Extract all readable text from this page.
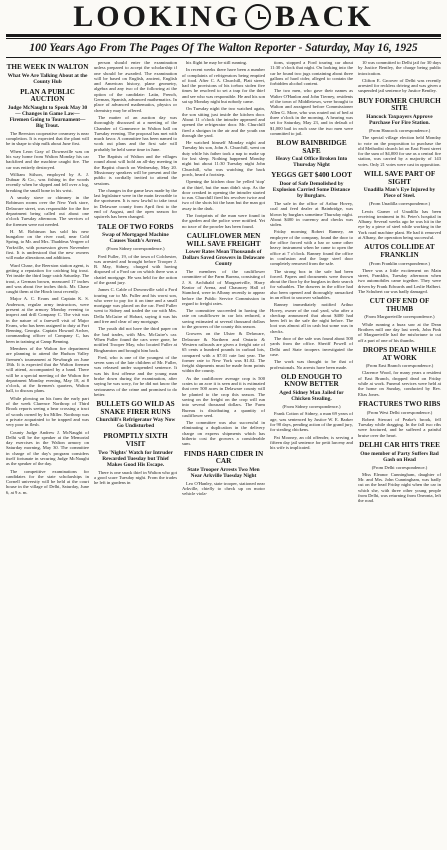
LOOKING BACK
100 Years Ago From The Pages Of The Walton Reporter - Saturday, May 16, 1925
THE WEEK IN WALTON
What We Are Talking About at the County Hub
PLAN A PUBLIC AUCTION
Judge McNaught to Speak May 30 — Changes in Game Law—Firemen Going to Tournament—Big Trout.

The Beerston cooperative creamery is near completion. It is expected that the plant will be in shape to ship milk about June first.

When Leon Gray of Downsville was on his way home from Walton Monday his car backfired and the machine caught fire. The car was entirely destroyed.

William Stilson, employed by A. J. Dubuar & Co., was fishing in the woods recently when he slipped and fell over a log, breaking the small bone in his wrist.

A smoky stove or chimney in the Robinson rooms over the New York store, Delaware street, was responsible for the fire department being called out about one o'clock Tuesday afternoon. The services of the firemen were not needed.

H. M. Robinson has sold his new bungalow on the river road, near Cold Spring, to Mr. and Mrs. Thaddeus Vergeer of Yorkville, with possession given November first. It is understood that the new owners will make alterations and additions.

Ward Chase, the Beerston station agent, is getting a reputation for catching big trout. Yet inside the third large catch Saturday. The trout, a German brown, measured 17 inches and was about five inches thick. Mr. Chase caught them at the Hinch trout recently.

Major A. C. Evans and Captain K. S. Anderson, regular army instructors, were present at the armory Monday evening to inspect and drill Company C. The visit was in the nature of a farewell visit of Major Evans, who has been assigned to duty at Fort Benning, Georgia. Captain Howard Archer, commanding officer of Company C, has been in training at Camp Benning.

Members of the Walton fire department are planning to attend the Hudson Valley firemen's tournament at Newburgh on June 18th. It is expected that the Walton firemen will attend, accompanied by a band. There will be a special meeting of the Walton fire department Monday evening, May 18, at 8 o'clock, at the firemen's quarters, Walton hall, to discuss plans.

While plowing on his farm the early part of the week Clarence Northrop of Third Brook reports seeing a bear crossing a tract of woods owned by Ira Miller. Northrop was a private acquainted to be trapped and was very poor in flesh.

County Judge Andrew J. McNaught of Delhi will be the speaker at the Memorial day exercises in the Walton armory on Saturday morning, May 30. The committee in charge of the day's program considers itself fortunate in securing Judge McNaught as the speaker of the day.

The competitive examinations for candidates for the state scholarships in Cornell university will be held at the court house in the village of Delhi, Saturday, June 6, at 9 a. m.

person should enter the examination unless prepared to accept the scholarship if one should be awarded. The examination will be based on English, ancient, English and American history, plane geometry, algebra and any two of the following at the option of the candidate: Latin, French, German, Spanish, advanced mathematics. In place of advanced mathematics, physics or chemistry may be offered.

The matter of an auction day was thoroughly discussed at a meeting of the Chamber of Commerce in Walton hall on Tuesday evening. The proposal has met with much favor. A committee has been named to work out plans and the first sale will probably be held some time in June.

The Baptists of Walton and the villages round about will hold an all-day meeting in the Baptist church on Wednesday, May 20. Missionary speakers will be present and the public is cordially invited to attend the sessions.

The changes in the game laws made by the last legislature were in the main favorable to the sportsmen. It is now lawful to take trout in Delaware county from April first to the end of August, and the open season for squirrels has been changed.

TALE OF TWO FORDS
Swap of Mortgaged Machine Causes Youth's Arrest.
(From Sidney correspondence.)

Fred Fuller, 19, of the town of Colchester, was arrested and brought before Trooper J. B. May, Sidney, charged with having disposed of a Ford car on which there was a chattel mortgage. He was held for the action of the grand jury.

James C. Cable of Downsville sold a Ford touring car to Mr. Fuller and his worst son, who were to pay for it on time and a small mortgage was placed on the car. Fred Fuller went to Sidney and traded the car with Mrs. Della McGuire of Hobart, saying it was his and free and clear of any mortgage.

The youth did not have the third paper on the bad trades, with Mrs. McGuire's car. When Fuller found the cars were gone, he notified Trooper May, who located Fuller at Binghamton and brought him back.

Fred, who is one of the youngest of the seven sons of the late children of Mr. Fuller, was released under suspended sentence. It was his first offense and the young man broke down during the examination, after saying he was sorry, for he did not know the seriousness of the crime and promised to do better.

BULLETS GO WILD AS SNAKE FIRER RUNS
Churchill's Refrigerator Way Now Go Undisturbed
PROMPTLY SIXTH VISIT
Two 'Nights' Watch for Intruder Rewarded Tuesday but Thief Makes Good His Escape.

There is one snack thief in Walton who got a good scare Tuesday night. From the trades he left in gardens in

his flight he may be still running.

In recent weeks there have been a number of complaints of refrigerators being emptied of food. After C. A. Churchill, Platt street, had the provisions of his icebox stolen five times he resolved to set a trap for the thief and see who was responsible. He and his son sat up Monday night but nobody came.

On Tuesday night the two watched again, the son sitting just inside the kitchen door. About 11 o'clock the intruder appeared and opened the refrigerator door. Mr. Churchill fired a shotgun in the air and the youth ran through the yard.

He watched himself Monday night and Tuesday his son, John A. Churchill, went on duty while his father took a nap to make up for lost sleep. Nothing happened Monday night but about 11:30 Tuesday night John Churchill, who was watching the back porch, heard a footstep.

Opening the kitchen door he yelled 'stop' at the thief, but the man didn't stop. As the door creaked in opening the intruder started to run. Churchill fired his revolver twice and two of the shots hit the barn but the man got away in the dark.

The footprints of the man were found in the garden and the police were notified. Yet no trace of the prowler has been found.

CAULIFLOWER MEN WILL SAVE FREIGHT
Lower Rates Mean Thousands of Dollars Saved Growers in Delaware County

The members of the cauliflower committee of the Farm Bureau, consisting of J. S. Archibald of Margaretville, Harry Keator of Arena, and Chauncey Hall of Stamford, were in Albany recently to appear before the Public Service Commission in regard to freight rates.

The committee succeeded in having the rate on cauliflower in car lots reduced, a saving estimated at several thousand dollars to the growers of the county this season.

Growers on the Ulster & Delaware, Delaware & Northern and Ontario & Western railroads are given a freight rate of 65 cents a hundred pounds in carload lots, compared with a $7.01 rate last year. The former rate to New York was $1.02. The freight shipments must be made from points within the county.

As the cauliflower average crop is 500 crates to an acre it is seen and it is estimated that over 500 acres in Delaware county will be planted to the crop this season. The saving on the freight on the crop will run into several thousand dollars. The Farm Bureau is distributing a quantity of cauliflower seed.

The committee was also successful in eliminating a duplication in the delivery charge on express shipments which has hitherto cost the growers a considerable sum.

FINDS HARD CIDER IN CAR
State Trooper Arrests Two Men Near Arkville Tuesday Night

Leo O'Hanley, state trooper, stationed near Arkville, chiefly to check up on motor vehicle viola-

tions, stopped a Ford touring car about 11:30 o'clock that night. On looking into the car he found two jugs containing about three gallons of hard cider, alleged to contain the forbidden alcohol content.

The two men, who gave their names as Walter O'Hanlon and John Tierney, residents of the town of Middletown, were brought to Walton and arraigned before Commissioner Allen G. More, who was routed out of bed at three o'clock in the morning. A hearing was set for Saturday, May 23, and in default of $1,000 bail in each case the two men were committed to jail.

BLOW BAINBRIDGE SAFE
Heavy Coal Office Broken Into Thursday Night
YEGGS GET $400 LOOT
Door of Safe Demolished by Explosion Carried Some Distance by Burglars.

The safe in the office of Arthur Hovey, coal and feed dealer at Bainbridge, was blown by burglars sometime Thursday night. About $400 in currency and checks was stolen.

Friday morning Robert Ranney, an employee of the company, found the door to the office forced with a bar or some other heavy instrument when he came to open the office at 7 o'clock. Ranney found the office in confusion and the large steel door completely removed from the safe.

The strong box in the safe had been forced. Papers and documents were thrown about the floor by the burglars in their search for valuables. The drawers in the office had also been opened and thoroughly ransacked in an effort to uncover valuables.

Ranney immediately notified Arthur Hovey, owner of the coal yard, who after a checkup announced that about $400 had been left in the safe the night before. The loot was almost all in cash but some was in checks.

The door of the safe was found about 500 yards from the office. Sheriff Powell of Delhi and State troopers investigated the case.

The work was thought to be that of professionals. No arrests have been made.

OLD ENOUGH TO KNOW BETTER
Aged Sidney Man Jailed for Chicken Stealing.
(From Sidney correspondence.)

Frank Cotton of Sidney, a man 69 years of age, was sentenced by Justice W. E. Barker for 90 days, pending action of the grand jury, for stealing chickens.

Pat Mooney, an old offender, is serving a fifteen day jail sentence for petit larceny and his wife is implicated.

10 was committed to Delhi jail for 30 days by Justice Bentley, the charge being public intoxication.

Clifton E. Groover of Delhi was recently arrested for reckless driving and was given a suspended jail sentence by Justice Bentley.

BUY FORMER CHURCH SITE
Hancock Taxpayers Approve Purchase For Fire Station.
(From Hancock correspondence.)

The special village election held Monday to vote on the proposition to purchase the old Methodist church lot on East Front street for the sum of $4,000 for use as a central fire station, was carried by a majority of 143 votes. Only 21 votes were cast in opposition.

WILL SAVE PART OF SIGHT
Unadilla Man's Eye Injured by Piece of Steel.
(From Unadilla correspondence.)

Lewis Garner of Unadilla has been receiving treatment in St. Peter's hospital in Albany. Several weeks ago he was hit in the eye by a piece of steel while working in the York road machine plant. He had it removed at Albany, the operation being successful.

AUTOS COLLIDE AT FRANKLIN
(From Franklin correspondence.)

There was a little excitement on Main street, Franklin, Tuesday afternoon when two automobiles came together. They were driven by Frank Edwards and Leslie Halbert. The Schubert car was badly damaged.

CUT OFF END OF THUMB
(From Margaretville correspondence.)

While running a buzz saw at the Dean Brothers mill one day last week, John Fink of Margaretville had the misfortune to cut off a part of one of his thumbs.

DROPS DEAD WHILE AT WORK
(From East Branch correspondence.)

Clarence Wood, for many years a resident of East Branch, dropped dead on Friday while at work. Funeral services were held at the home on Sunday, conducted by Rev. Elias Jones.

FRACTURES TWO RIBS
(From West Delhi correspondence.)

Robert Stewart of Peake's brook, fell Tuesday while dragging. In the fall two ribs were fractured, and he suffered a painful bruise over the heart.

DELHI CAR HITS TREE
One member of Party Suffers Bad Gash on Head
(From Delhi correspondence.)

Miss Eleanor Cunningham, daughter of Mr. and Mrs. John Cunningham, was badly cut on the head Friday night when the car in which she, with three other young people from Delhi, was returning from Oneonta, left the road.
